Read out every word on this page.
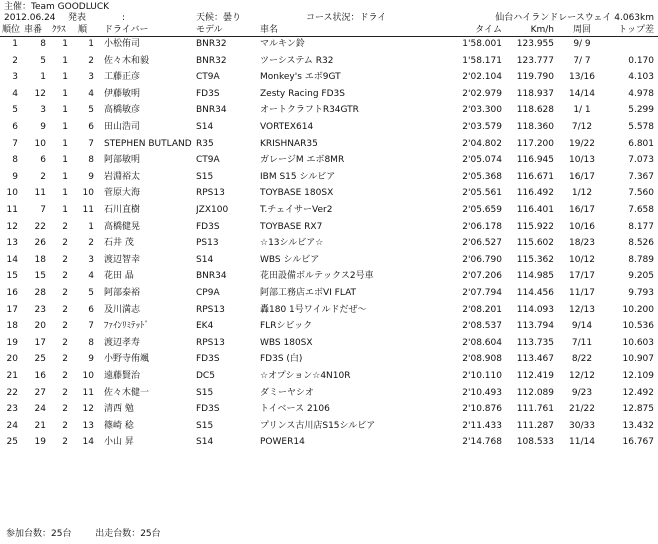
主催：Team GOODLUCK
2012.06.24	発表	:	天候：曇り	コース状況：ドライ	仙台ハイランドレースウェイ 4.063km
順位 車番	ｸﾗｽ	順	ドライバー	モデル	車名	タイム	Km/h	周回	トップ差
1	8	1	1 小松侑司	BNR32	マルキン鈴	1'58.001	123.955	9/ 9
2	5	1	2 佐々木和毅	BNR32	ツーシステム R32	1'58.171	123.777	7/ 7	0.170
3	1	1	3 工藤正彦	CT9A	Monkey's エボ9GT	2'02.104	119.790	13/16	4.103
4	12	1	4 伊藤敏明	FD3S	Zesty Racing FD3S	2'02.979	118.937	14/14	4.978
5	3	1	5 高橋敏彦	BNR34	オートクラフトR34GTR	2'03.300	118.628	1/ 1	5.299
6	9	1	6 田山浩司	S14	VORTEX614	2'03.579	118.360	7/12	5.578
7	10	1	7 STEPHEN BUTLAND R35	KRISHNAR35	2'04.802	117.200	19/22	6.801
8	6	1	8 阿部敏明	CT9A	ガレージM エボ8MR	2'05.074	116.945	10/13	7.073
9	2	1	9 岩淵裕太	S15	IBM S15 シルビア	2'05.368	116.671	16/17	7.367
10	11	1	10 菅原大海	RPS13	TOYBASE 180SX	2'05.561	116.492	1/12	7.560
11	7	1	11 石川直樹	JZX100	T.チェイサーVer2	2'05.659	116.401	16/17	7.658
12	22	2	1 高橋健晃	FD3S	TOYBASE RX7	2'06.178	115.922	10/16	8.177
13	26	2	2 石井 茂	PS13	☆13シルビア☆	2'06.527	115.602	18/23	8.526
14	18	2	3 渡辺智幸	S14	WBS シルビア	2'06.790	115.362	10/12	8.789
15	15	2	4 花田 晶	BNR34	花田設備ボルテックス2号車	2'07.206	114.985	17/17	9.205
16	28	2	5 阿部泰裕	CP9A	阿部工務店エボVI FLAT	2'07.794	114.456	11/17	9.793
17	23	2	6 及川満志	RPS13	轟180 1号ワイルドだぜ～	2'08.201	114.093	12/13	10.200
18	20	2	7 ﾌｧｲﾝﾘﾐﾃｯﾄﾞ	EK4	FLRシビック	2'08.537	113.794	9/14	10.536
19	17	2	8 渡辺孝寿	RPS13	WBS 180SX	2'08.604	113.735	7/11	10.603
20	25	2	9 小野寺侑颯	FD3S	FD3S (白)	2'08.908	113.467	8/22	10.907
21	16	2	10 遠藤賢治	DC5	☆オプション☆4N10R	2'10.110	112.419	12/12	12.109
22	27	2	11 佐々木健一	S15	ダミーヤシオ	2'10.493	112.089	9/23	12.492
23	24	2	12 清西 勉	FD3S	トイベース 2106	2'10.876	111.761	21/22	12.875
24	21	2	13 篠崎 稔	S15	プリンス古川店S15シルビア	2'11.433	111.287	30/33	13.432
25	19	2	14 小山 昇	S14	POWER14	2'14.768	108.533	11/14	16.767
参加台数：25台	出走台数：25台
